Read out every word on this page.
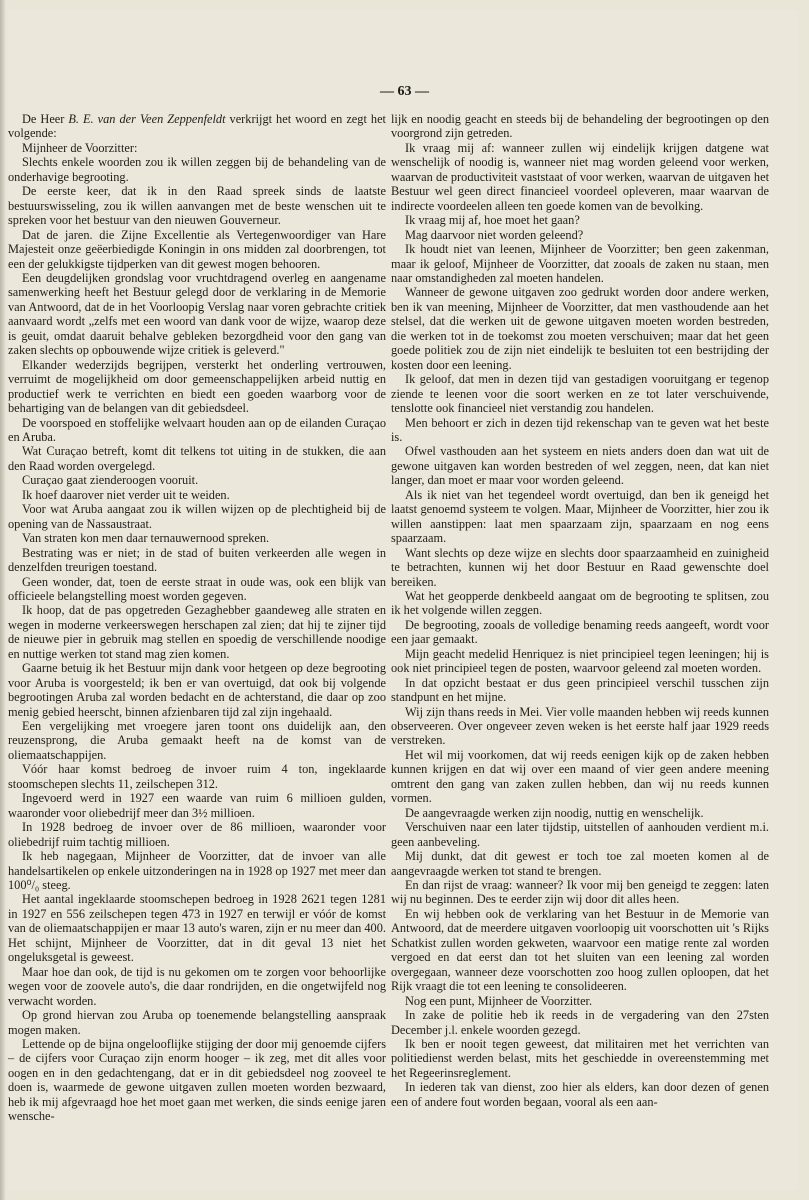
— 63 —

De Heer B. E. van der Veen Zeppenfeldt verkrijgt het woord en zegt het volgende:

Mijnheer de Voorzitter:

Slechts enkele woorden zou ik willen zeggen bij de behandeling van de onderhavige begrooting.

De eerste keer, dat ik in den Raad spreek sinds de laatste bestuurswisseling, zou ik willen aanvangen met de beste wenschen uit te spreken voor het bestuur van den nieuwen Gouverneur.

Dat de jaren. die Zijne Excellentie als Vertegenwoordiger van Hare Majesteit onze geëerbiedigde Koningin in ons midden zal doorbrengen, tot een der gelukkigste tijdperken van dit gewest mogen behooren.

Een deugdelijken grondslag voor vruchtdragend overleg en aangename samenwerking heeft het Bestuur gelegd door de verklaring in de Memorie van Antwoord, dat de in het Voorloopig Verslag naar voren gebrachte critiek aanvaard wordt „zelfs met een woord van dank voor de wijze, waarop deze is geuit, omdat daaruit behalve gebleken bezorgdheid voor den gang van zaken slechts op opbouwende wijze critiek is geleverd."

Elkander wederzijds begrijpen, versterkt het onderling vertrouwen, verruimt de mogelijkheid om door gemeenschappelijken arbeid nuttig en productief werk te verrichten en biedt een goeden waarborg voor de behartiging van de belangen van dit gebiedsdeel.

De voorspoed en stoffelijke welvaart houden aan op de eilanden Curaçao en Aruba.

Wat Curaçao betreft, komt dit telkens tot uiting in de stukken, die aan den Raad worden overgelegd.

Curaçao gaat zienderoogen vooruit.

Ik hoef daarover niet verder uit te weiden.

Voor wat Aruba aangaat zou ik willen wijzen op de plechtigheid bij de opening van de Nassaustraat.

Van straten kon men daar ternauwernood spreken.

Bestrating was er niet; in de stad of buiten verkeerden alle wegen in denzelfden treurigen toestand.

Geen wonder, dat, toen de eerste straat in oude was, ook een blijk van officieele belangstelling moest worden gegeven.

Ik hoop, dat de pas opgetreden Gezaghebber gaandeweg alle straten en wegen in moderne verkeerswegen herschapen zal zien; dat hij te zijner tijd de nieuwe pier in gebruik mag stellen en spoedig de verschillende noodige en nuttige werken tot stand mag zien komen.

Gaarne betuig ik het Bestuur mijn dank voor hetgeen op deze begrooting voor Aruba is voorgesteld; ik ben er van overtuigd, dat ook bij volgende begrootingen Aruba zal worden bedacht en de achterstand, die daar op zoo menig gebied heerscht, binnen afzienbaren tijd zal zijn ingehaald.

Een vergelijking met vroegere jaren toont ons duidelijk aan, den reuzensprong, die Aruba gemaakt heeft na de komst van de oliemaatschappijen.

Vóór haar komst bedroeg de invoer ruim 4 ton, ingeklaarde stoomschepen slechts 11, zeilschepen 312.

Ingevoerd werd in 1927 een waarde van ruim 6 millioen gulden, waaronder voor oliebedrijf meer dan 3½ millioen.

In 1928 bedroeg de invoer over de 86 millioen, waaronder voor oliebedrijf ruim tachtig millioen.

Ik heb nagegaan, Mijnheer de Voorzitter, dat de invoer van alle handelsartikelen op enkele uitzonderingen na in 1928 op 1927 met meer dan 100⁰/₀ steeg.

Het aantal ingeklaarde stoomschepen bedroeg in 1928 2621 tegen 1281 in 1927 en 556 zeilschepen tegen 473 in 1927 en terwijl er vóór de komst van de oliemaatschappijen er maar 13 auto's waren, zijn er nu meer dan 400. Het schijnt, Mijnheer de Voorzitter, dat in dit geval 13 niet het ongeluksgetal is geweest.

Maar hoe dan ook, de tijd is nu gekomen om te zorgen voor behoorlijke wegen voor de zoovele auto's, die daar rondrijden, en die ongetwijfeld nog verwacht worden.

Op grond hiervan zou Aruba op toenemende belangstelling aanspraak mogen maken.

Lettende op de bijna ongelooflijke stijging der door mij genoemde cijfers – de cijfers voor Curaçao zijn enorm hooger – ik zeg, met dit alles voor oogen en in den gedachtengang, dat er in dit gebiedsdeel nog zooveel te doen is, waarmede de gewone uitgaven zullen moeten worden bezwaard, heb ik mij afgevraagd hoe het moet gaan met werken, die sinds eenige jaren wensche-

lijk en noodig geacht en steeds bij de behandeling der begrootingen op den voorgrond zijn getreden.

Ik vraag mij af: wanneer zullen wij eindelijk krijgen datgene wat wenschelijk of noodig is, wanneer niet mag worden geleend voor werken, waarvan de productiviteit vaststaat of voor werken, waarvan de uitgaven het Bestuur wel geen direct financieel voordeel opleveren, maar waarvan de indirecte voordeelen alleen ten goede komen van de bevolking.

Ik vraag mij af, hoe moet het gaan?

Mag daarvoor niet worden geleend?

Ik houdt niet van leenen, Mijnheer de Voorzitter; ben geen zakenman, maar ik geloof, Mijnheer de Voorzitter, dat zooals de zaken nu staan, men naar omstandigheden zal moeten handelen.

Wanneer de gewone uitgaven zoo gedrukt worden door andere werken, ben ik van meening, Mijnheer de Voorzitter, dat men vasthoudende aan het stelsel, dat die werken uit de gewone uitgaven moeten worden bestreden, die werken tot in de toekomst zou moeten verschuiven; maar dat het geen goede politiek zou de zijn niet eindelijk te besluiten tot een bestrijding der kosten door een leening.

Ik geloof, dat men in dezen tijd van gestadigen vooruitgang er tegenop ziende te leenen voor die soort werken en ze tot later verschuivende, tenslotte ook financieel niet verstandig zou handelen.

Men behoort er zich in dezen tijd rekenschap van te geven wat het beste is.

Ofwel vasthouden aan het systeem en niets anders doen dan wat uit de gewone uitgaven kan worden bestreden of wel zeggen, neen, dat kan niet langer, dan moet er maar voor worden geleend.

Als ik niet van het tegendeel wordt overtuigd, dan ben ik geneigd het laatst genoemd systeem te volgen. Maar, Mijnheer de Voorzitter, hier zou ik willen aanstippen: laat men spaarzaam zijn, spaarzaam en nog eens spaarzaam.

Want slechts op deze wijze en slechts door spaarzaamheid en zuinigheid te betrachten, kunnen wij het door Bestuur en Raad gewenschte doel bereiken.

Wat het geopperde denkbeeld aangaat om de begrooting te splitsen, zou ik het volgende willen zeggen.

De begrooting, zooals de volledige benaming reeds aangeeft, wordt voor een jaar gemaakt.

Mijn geacht medelid Henriquez is niet principieel tegen leeningen; hij is ook niet principieel tegen de posten, waarvoor geleend zal moeten worden.

In dat opzicht bestaat er dus geen principieel verschil tusschen zijn standpunt en het mijne.

Wij zijn thans reeds in Mei. Vier volle maanden hebben wij reeds kunnen observeeren. Over ongeveer zeven weken is het eerste half jaar 1929 reeds verstreken.

Het wil mij voorkomen, dat wij reeds eenigen kijk op de zaken hebben kunnen krijgen en dat wij over een maand of vier geen andere meening omtrent den gang van zaken zullen hebben, dan wij nu reeds kunnen vormen.

De aangevraagde werken zijn noodig, nuttig en wenschelijk.

Verschuiven naar een later tijdstip, uitstellen of aanhouden verdient m.i. geen aanbeveling.

Mij dunkt, dat dit gewest er toch toe zal moeten komen al de aangevraagde werken tot stand te brengen.

En dan rijst de vraag: wanneer? Ik voor mij ben geneigd te zeggen: laten wij nu beginnen. Des te eerder zijn wij door dit alles heen.

En wij hebben ook de verklaring van het Bestuur in de Memorie van Antwoord, dat de meerdere uitgaven voorloopig uit voorschotten uit 's Rijks Schatkist zullen worden gekweten, waarvoor een matige rente zal worden vergoed en dat eerst dan tot het sluiten van een leening zal worden overgegaan, wanneer deze voorschotten zoo hoog zullen oploopen, dat het Rijk vraagt die tot een leening te consolideeren.

Nog een punt, Mijnheer de Voorzitter.

In zake de politie heb ik reeds in de vergadering van den 27sten December j.l. enkele woorden gezegd.

Ik ben er nooit tegen geweest, dat militairen met het verrichten van politiedienst werden belast, mits het geschiedde in overeenstemming met het Regeerinsreglement.

In iederen tak van dienst, zoo hier als elders, kan door dezen of genen een of andere fout worden begaan, vooral als een aan-
